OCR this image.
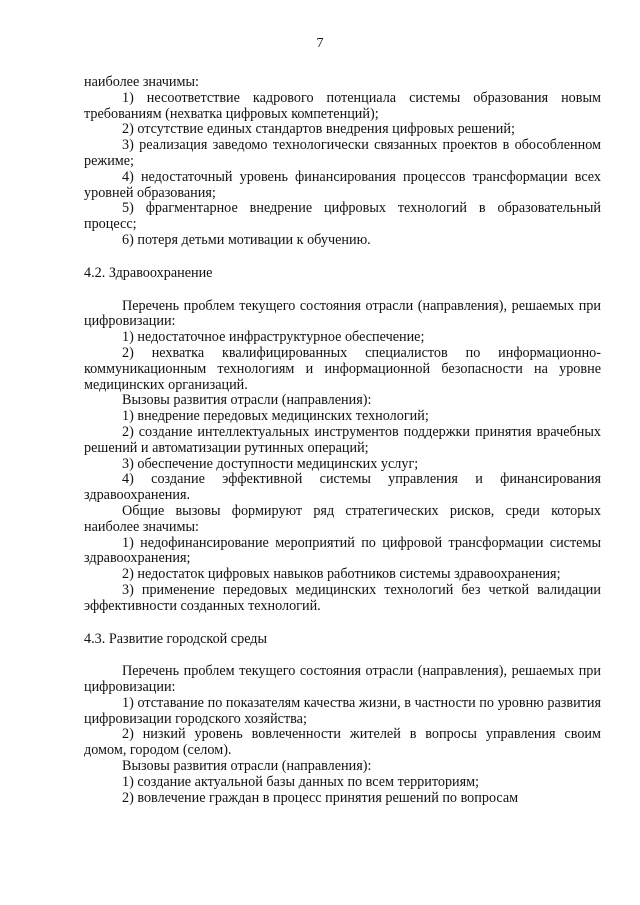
7

наиболее значимы:

1) несоответствие кадрового потенциала системы образования новым требованиям (нехватка цифровых компетенций);

2) отсутствие единых стандартов внедрения цифровых решений;

3) реализация заведомо технологически связанных проектов в обособленном режиме;

4) недостаточный уровень финансирования процессов трансформации всех уровней образования;

5) фрагментарное внедрение цифровых технологий в образовательный процесс;

6) потеря детьми мотивации к обучению.

4.2. Здравоохранение

Перечень проблем текущего состояния отрасли (направления), решаемых при цифровизации:

1) недостаточное инфраструктурное обеспечение;

2) нехватка квалифицированных специалистов по информационно-коммуникационным технологиям и информационной безопасности на уровне медицинских организаций.

Вызовы развития отрасли (направления):

1) внедрение передовых медицинских технологий;

2) создание интеллектуальных инструментов поддержки принятия врачебных решений и автоматизации рутинных операций;

3) обеспечение доступности медицинских услуг;

4) создание эффективной системы управления и финансирования здравоохранения.

Общие вызовы формируют ряд стратегических рисков, среди которых наиболее значимы:

1) недофинансирование мероприятий по цифровой трансформации системы здравоохранения;

2) недостаток цифровых навыков работников системы здравоохранения;

3) применение передовых медицинских технологий без четкой валидации эффективности созданных технологий.

4.3. Развитие городской среды

Перечень проблем текущего состояния отрасли (направления), решаемых при цифровизации:

1) отставание по показателям качества жизни, в частности по уровню развития цифровизации городского хозяйства;

2) низкий уровень вовлеченности жителей в вопросы управления своим домом, городом (селом).

Вызовы развития отрасли (направления):

1) создание актуальной базы данных по всем территориям;

2) вовлечение граждан в процесс принятия решений по вопросам
